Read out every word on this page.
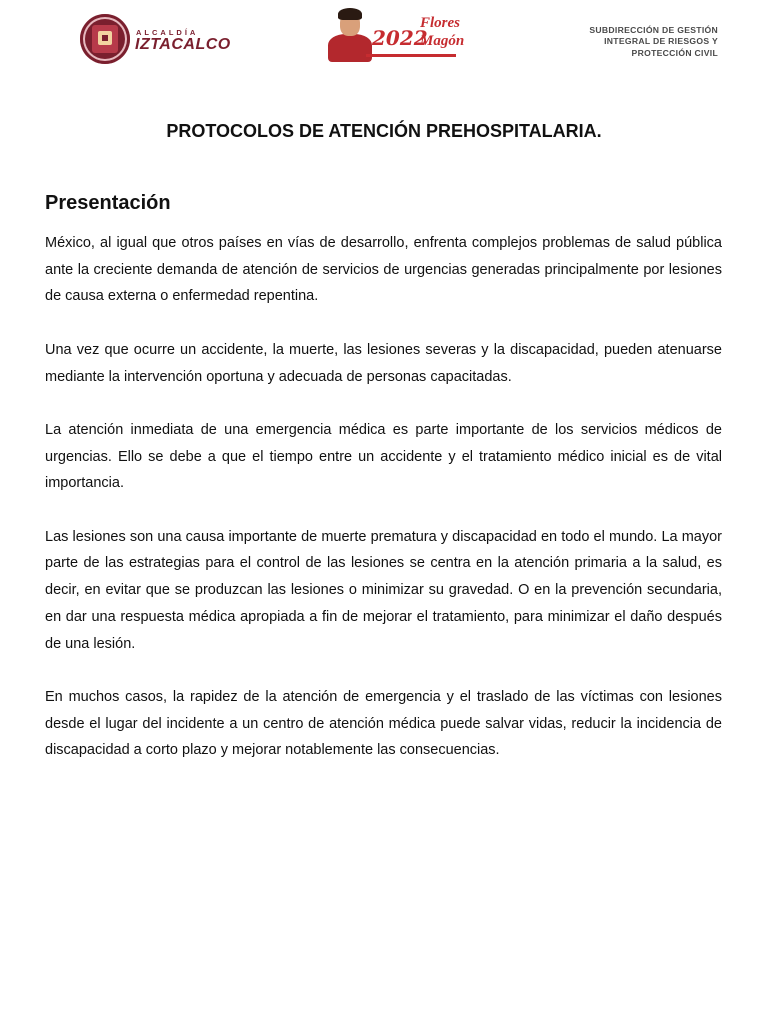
ALCALDÍA
IZTACALCO	2022
Flores
Magón
SUBDIRECCIÓN DE GESTIÓN
INTEGRAL DE RIESGOS Y
PROTECCIÓN CIVIL
PROTOCOLOS DE ATENCIÓN PREHOSPITALARIA.
Presentación

México, al igual que otros países en vías de desarrollo, enfrenta complejos problemas de salud pública ante la creciente demanda de atención de servicios de urgencias generadas principalmente por lesiones de causa externa o enfermedad repentina.

Una vez que ocurre un accidente, la muerte, las lesiones severas y la discapacidad, pueden atenuarse mediante la intervención oportuna y adecuada de personas capacitadas.

La atención inmediata de una emergencia médica es parte importante de los servicios médicos de urgencias. Ello se debe a que el tiempo entre un accidente y el tratamiento médico inicial es de vital importancia.

Las lesiones son una causa importante de muerte prematura y discapacidad en todo el mundo. La mayor parte de las estrategias para el control de las lesiones se centra en la atención primaria a la salud, es decir, en evitar que se produzcan las lesiones o minimizar su gravedad. O en la prevención secundaria, en dar una respuesta médica apropiada a fin de mejorar el tratamiento, para minimizar el daño después de una lesión.

En muchos casos, la rapidez de la atención de emergencia y el traslado de las víctimas con lesiones desde el lugar del incidente a un centro de atención médica puede salvar vidas, reducir la incidencia de discapacidad a corto plazo y mejorar notablemente las consecuencias.
